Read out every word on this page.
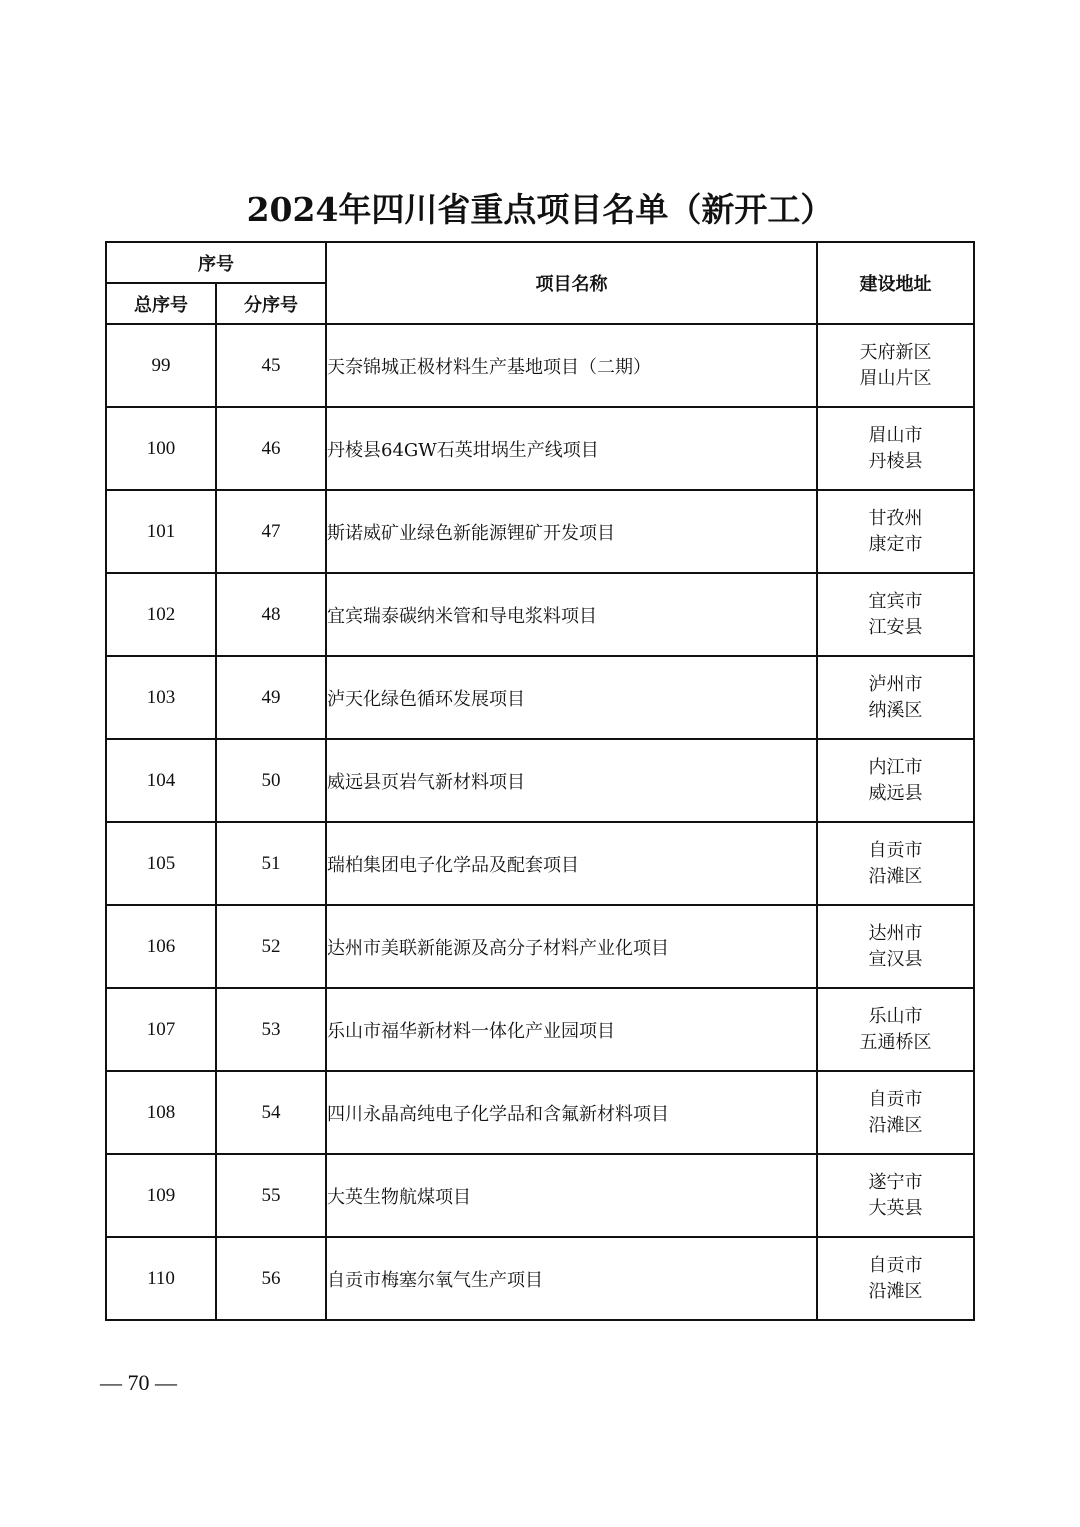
2024年四川省重点项目名单（新开工）
序号		项目名称	建设地址
总序号	分序号		
99	45	天奈锦城正极材料生产基地项目（二期）	天府新区
眉山片区

100	46	丹棱县64GW石英坩埚生产线项目	眉山市
丹棱县

101	47	斯诺威矿业绿色新能源锂矿开发项目	甘孜州
康定市

102	48	宜宾瑞泰碳纳米管和导电浆料项目	宜宾市
江安县

103	49	泸天化绿色循环发展项目	泸州市
纳溪区

104	50	威远县页岩气新材料项目	内江市
威远县

105	51	瑞柏集团电子化学品及配套项目	自贡市
沿滩区

106	52	达州市美联新能源及高分子材料产业化项目	达州市
宣汉县

107	53	乐山市福华新材料一体化产业园项目	乐山市
五通桥区

108	54	四川永晶高纯电子化学品和含氟新材料项目	自贡市
沿滩区

109	55	大英生物航煤项目	遂宁市
大英县

110	56	自贡市梅塞尔氧气生产项目	自贡市
沿滩区
— 70 —
